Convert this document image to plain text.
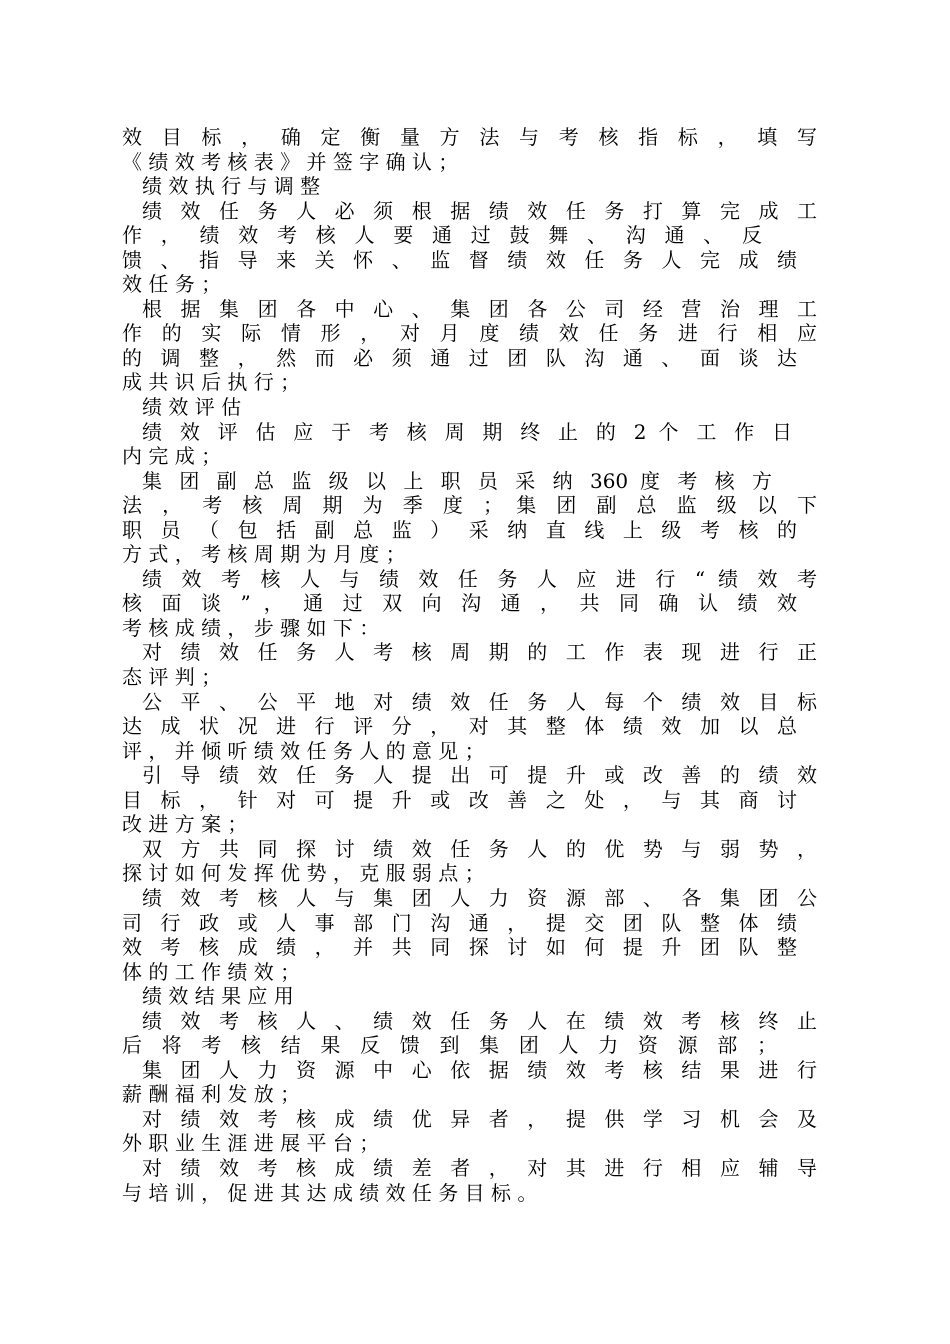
效 目 标 ， 确 定 衡 量 方 法 与 考 核 指 标 ， 填 写
《 绩 效 考 核 表 》 并 签 字 确 认 ；
绩 效 执 行 与 调 整
绩 效 任 务 人 必 须 根 据 绩 效 任 务 打 算 完 成 工
作 ， 绩 效 考 核 人 要 通 过 鼓 舞 、 沟 通 、 反
馈 、 指 导 来 关 怀 、 监 督 绩 效 任 务 人 完 成 绩
效 任 务 ；
根 据 集 团 各 中 心 、 集 团 各 公 司 经 营 治 理 工
作 的 实 际 情 形 ， 对 月 度 绩 效 任 务 进 行 相 应
的 调 整 ， 然 而 必 须 通 过 团 队 沟 通 、 面 谈 达
成 共 识 后 执 行 ；
绩 效 评 估
绩 效 评 估 应 于 考 核 周 期 终 止 的 2 个 工 作 日
内 完 成 ；
集 团 副 总 监 级 以 上 职 员 采 纳 360 度 考 核 方
法 ， 考 核 周 期 为 季 度 ； 集 团 副 总 监 级 以 下
职 员 （ 包 括 副 总 监 ） 采 纳 直 线 上 级 考 核 的
方 式 ， 考 核 周 期 为 月 度 ；
绩 效 考 核 人 与 绩 效 任 务 人 应 进 行 “ 绩 效 考
核 面 谈 ” ， 通 过 双 向 沟 通 ， 共 同 确 认 绩 效
考 核 成 绩 ， 步 骤 如 下 ：
对 绩 效 任 务 人 考 核 周 期 的 工 作 表 现 进 行 正
态 评 判 ；
公 平 、 公 平 地 对 绩 效 任 务 人 每 个 绩 效 目 标
达 成 状 况 进 行 评 分 ， 对 其 整 体 绩 效 加 以 总
评 ， 并 倾 听 绩 效 任 务 人 的 意 见 ；
引 导 绩 效 任 务 人 提 出 可 提 升 或 改 善 的 绩 效
目 标 ， 针 对 可 提 升 或 改 善 之 处 ， 与 其 商 讨
改 进 方 案 ；
双 方 共 同 探 讨 绩 效 任 务 人 的 优 势 与 弱 势 ，
探 讨 如 何 发 挥 优 势 ， 克 服 弱 点 ；
绩 效 考 核 人 与 集 团 人 力 资 源 部 、 各 集 团 公
司 行 政 或 人 事 部 门 沟 通 ， 提 交 团 队 整 体 绩
效 考 核 成 绩 ， 并 共 同 探 讨 如 何 提 升 团 队 整
体 的 工 作 绩 效 ；
绩 效 结 果 应 用
绩 效 考 核 人 、 绩 效 任 务 人 在 绩 效 考 核 终 止
后 将 考 核 结 果 反 馈 到 集 团 人 力 资 源 部 ；
集 团 人 力 资 源 中 心 依 据 绩 效 考 核 结 果 进 行
薪 酬 福 利 发 放 ；
对 绩 效 考 核 成 绩 优 异 者 ， 提 供 学 习 机 会 及
外 职 业 生 涯 进 展 平 台 ；
对 绩 效 考 核 成 绩 差 者 ， 对 其 进 行 相 应 辅 导
与 培 训 ， 促 进 其 达 成 绩 效 任 务 目 标 。
